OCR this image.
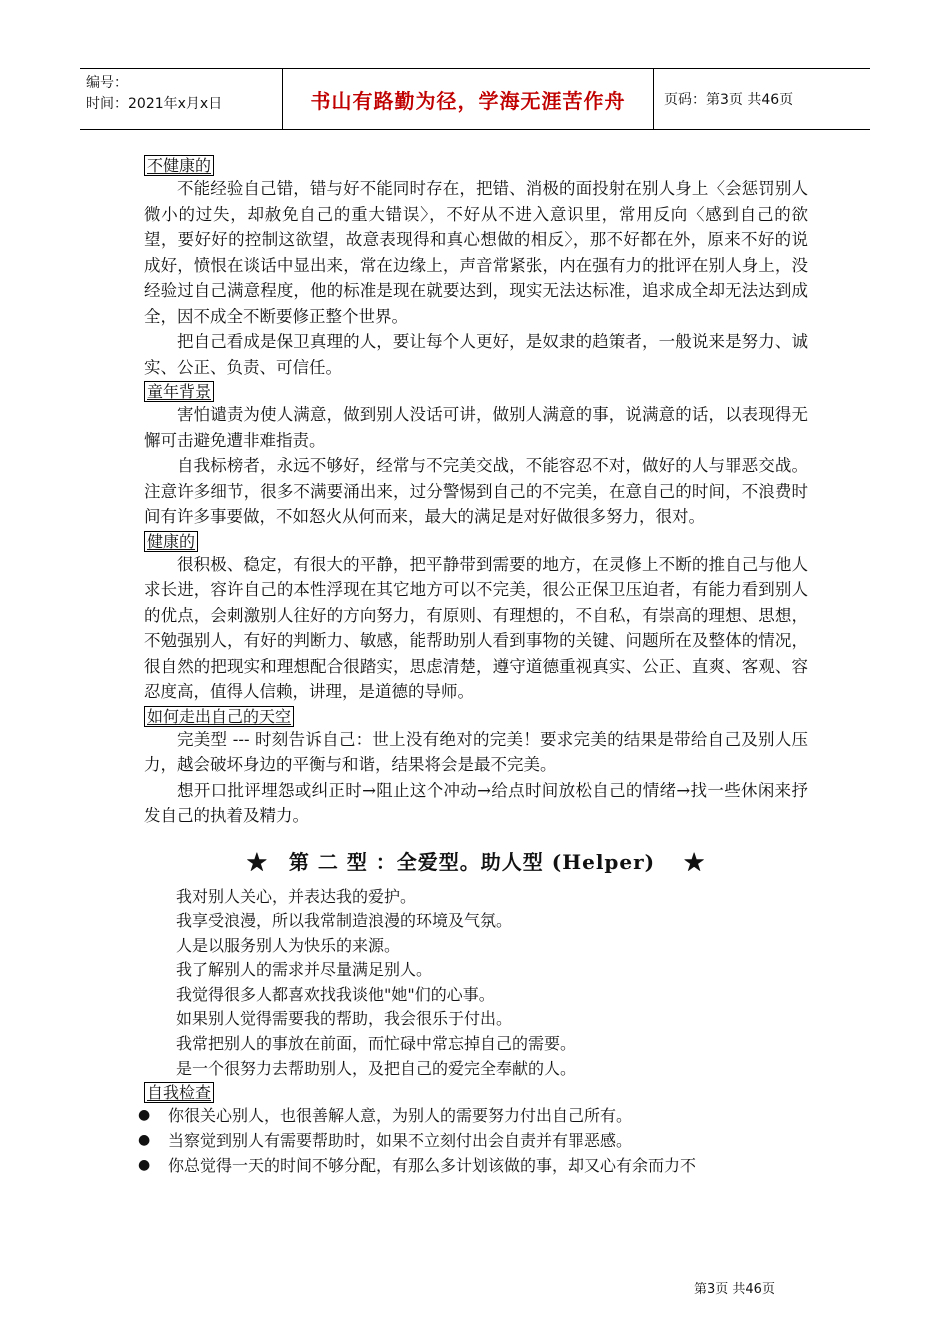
编号：
时间：2021年x月x日	书山有路勤为径，学海无涯苦作舟	页码：第3页 共46页
不健康的

不能经验自己错，错与好不能同时存在，把错、消极的面投射在别人身上〈会惩罚别人微小的过失，却赦免自己的重大错误〉，不好从不进入意识里，常用反向〈感到自己的欲望，要好好的控制这欲望，故意表现得和真心想做的相反〉，那不好都在外，原来不好的说成好，愤恨在谈话中显出来，常在边缘上，声音常紧张，内在强有力的批评在别人身上，没经验过自己满意程度，他的标准是现在就要达到，现实无法达标准，追求成全却无法达到成全，因不成全不断要修正整个世界。

把自己看成是保卫真理的人，要让每个人更好，是奴隶的趋策者，一般说来是努力、诚实、公正、负责、可信任。

童年背景

害怕谴责为使人满意，做到别人没话可讲，做别人满意的事，说满意的话，以表现得无懈可击避免遭非难指责。

自我标榜者，永远不够好，经常与不完美交战，不能容忍不对，做好的人与罪恶交战。注意许多细节，很多不满要涌出来，过分警惕到自己的不完美，在意自己的时间，不浪费时间有许多事要做，不如怒火从何而来，最大的满足是对好做很多努力，很对。

健康的

很积极、稳定，有很大的平静，把平静带到需要的地方，在灵修上不断的推自己与他人求长进，容许自己的本性浮现在其它地方可以不完美，很公正保卫压迫者，有能力看到别人的优点，会刺激别人往好的方向努力，有原则、有理想的，不自私，有崇高的理想、思想，不勉强别人，有好的判断力、敏感，能帮助别人看到事物的关键、问题所在及整体的情况，很自然的把现实和理想配合很踏实，思虑清楚，遵守道德重视真实、公正、直爽、客观、容忍度高，值得人信赖，讲理，是道德的导师。

如何走出自己的天空

完美型 --- 时刻告诉自己：世上没有绝对的完美！要求完美的结果是带给自己及别人压力，越会破坏身边的平衡与和谐，结果将会是最不完美。

想开口批评埋怨或纠正时→阻止这个冲动→给点时间放松自己的情绪→找一些休闲来抒发自己的执着及精力。

★　第 二 型 ：全爱型。助人型 (Helper)　 ★

我对别人关心，并表达我的爱护。

我享受浪漫，所以我常制造浪漫的环境及气氛。

人是以服务别人为快乐的来源。

我了解别人的需求并尽量满足别人。

我觉得很多人都喜欢找我谈他"她"们的心事。

如果别人觉得需要我的帮助，我会很乐于付出。

我常把别人的事放在前面，而忙碌中常忘掉自己的需要。

是一个很努力去帮助别人，及把自己的爱完全奉献的人。

自我检查
● 你很关心别人，也很善解人意，为别人的需要努力付出自己所有。
● 当察觉到别人有需要帮助时，如果不立刻付出会自责并有罪恶感。
● 你总觉得一天的时间不够分配，有那么多计划该做的事，却又心有余而力不
第3页 共46页
